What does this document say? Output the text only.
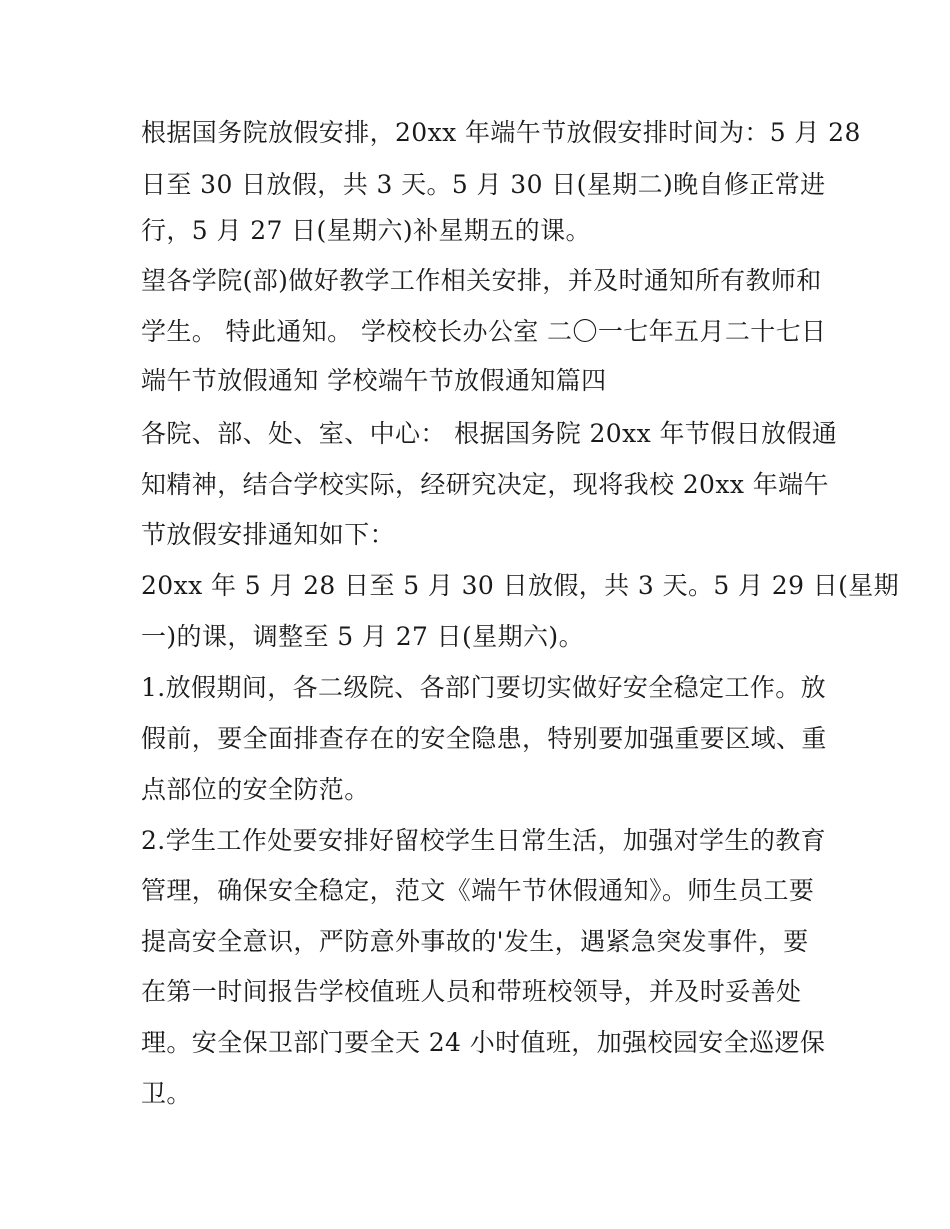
根据国务院放假安排，20xx 年端午节放假安排时间为：5 月 28
日至 30 日放假，共 3 天。5 月 30 日(星期二)晚自修正常进
行，5 月 27 日(星期六)补星期五的课。
望各学院(部)做好教学工作相关安排，并及时通知所有教师和
学生。 特此通知。 学校校长办公室 二〇一七年五月二十七日
端午节放假通知 学校端午节放假通知篇四
各院、部、处、室、中心： 根据国务院 20xx 年节假日放假通
知精神，结合学校实际，经研究决定，现将我校 20xx 年端午
节放假安排通知如下：
20xx 年 5 月 28 日至 5 月 30 日放假，共 3 天。5 月 29 日(星期
一)的课，调整至 5 月 27 日(星期六)。
1.放假期间，各二级院、各部门要切实做好安全稳定工作。放
假前，要全面排查存在的安全隐患，特别要加强重要区域、重
点部位的安全防范。
2.学生工作处要安排好留校学生日常生活，加强对学生的教育
管理，确保安全稳定，范文《端午节休假通知》。师生员工要
提高安全意识，严防意外事故的'发生，遇紧急突发事件，要
在第一时间报告学校值班人员和带班校领导，并及时妥善处
理。安全保卫部门要全天 24 小时值班，加强校园安全巡逻保
卫。
